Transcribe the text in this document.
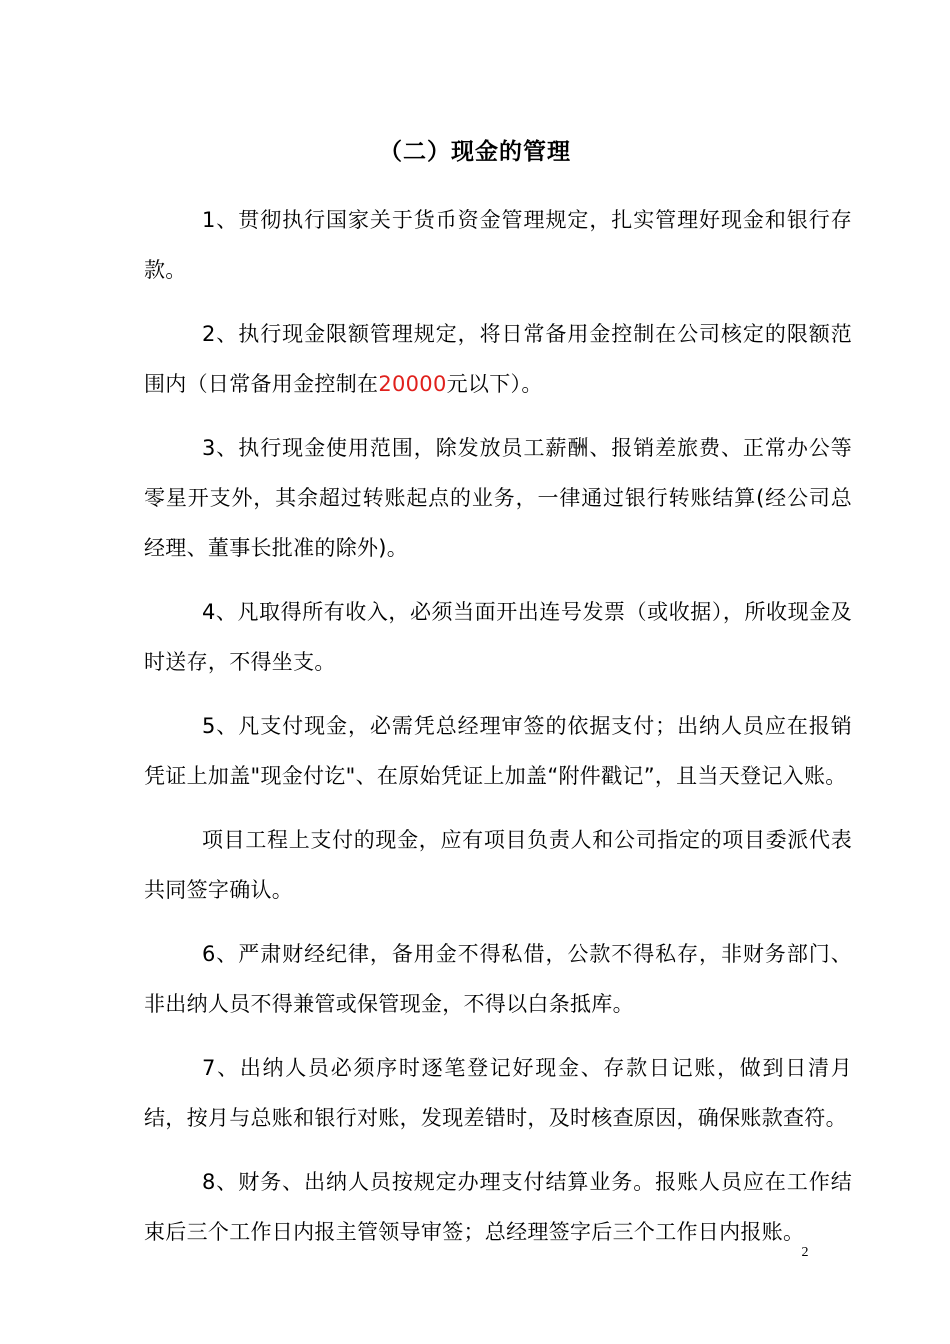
（二）现金的管理

1、贯彻执行国家关于货币资金管理规定，扎实管理好现金和银行存款。

2、执行现金限额管理规定，将日常备用金控制在公司核定的限额范围内（日常备用金控制在20000元以下）。

3、执行现金使用范围，除发放员工薪酬、报销差旅费、正常办公等零星开支外，其余超过转账起点的业务，一律通过银行转账结算(经公司总经理、董事长批准的除外)。

4、凡取得所有收入，必须当面开出连号发票（或收据），所收现金及时送存，不得坐支。

5、凡支付现金，必需凭总经理审签的依据支付；出纳人员应在报销凭证上加盖"现金付讫"、在原始凭证上加盖“附件戳记”，且当天登记入账。

项目工程上支付的现金，应有项目负责人和公司指定的项目委派代表共同签字确认。

6、严肃财经纪律，备用金不得私借，公款不得私存，非财务部门、非出纳人员不得兼管或保管现金，不得以白条抵库。

7、出纳人员必须序时逐笔登记好现金、存款日记账，做到日清月结，按月与总账和银行对账，发现差错时，及时核查原因，确保账款查符。

8、财务、出纳人员按规定办理支付结算业务。报账人员应在工作结束后三个工作日内报主管领导审签；总经理签字后三个工作日内报账。

2
